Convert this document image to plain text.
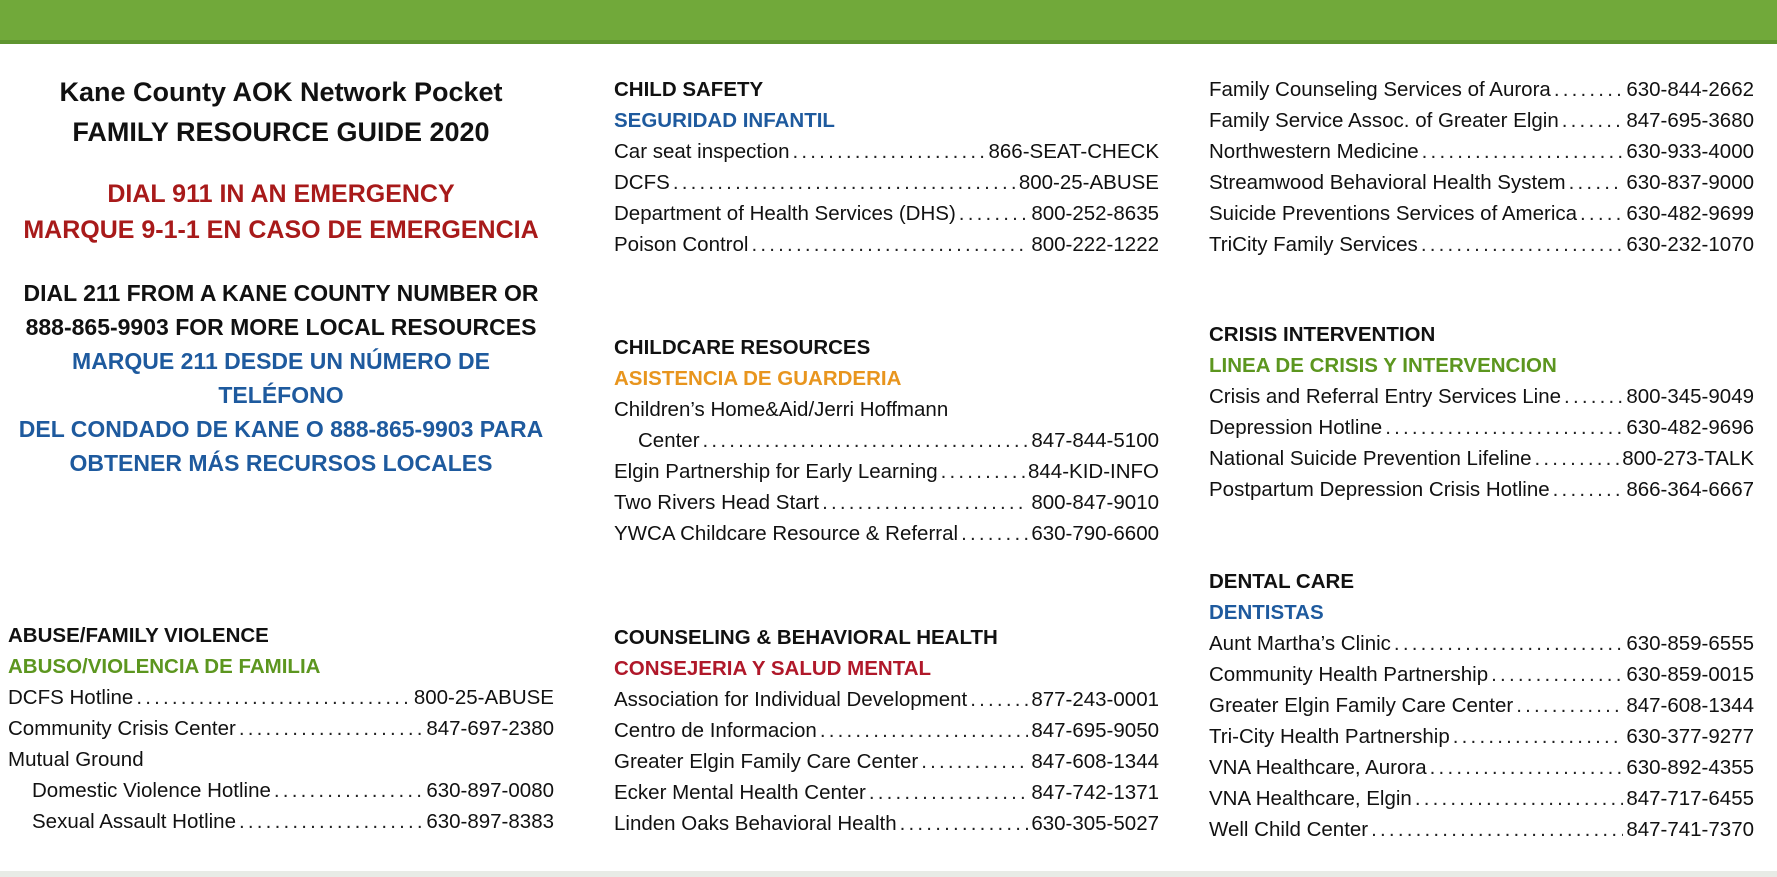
Kane County AOK Network Pocket
FAMILY RESOURCE GUIDE 2020
DIAL 911 IN AN EMERGENCY
MARQUE 9-1-1 EN CASO DE EMERGENCIA
DIAL 211 FROM A KANE COUNTY NUMBER OR
888-865-9903 FOR MORE LOCAL RESOURCES
MARQUE 211 DESDE UN NÚMERO DE TELÉFONO
DEL CONDADO DE KANE O 888-865-9903 PARA
OBTENER MÁS RECURSOS LOCALES
ABUSE/FAMILY VIOLENCE
ABUSO/VIOLENCIA DE FAMILIA
DCFS Hotline .....	800-25-ABUSE
Community Crisis Center .....	847-697-2380
Mutual Ground
Domestic Violence Hotline .....	630-897-0080
Sexual Assault Hotline .....	630-897-8383
CHILD SAFETY
SEGURIDAD INFANTIL
Car seat inspection .....	866-SEAT-CHECK
DCFS .....	800-25-ABUSE
Department of Health Services (DHS) .....	800-252-8635
Poison Control .....	800-222-1222
CHILDCARE RESOURCES
ASISTENCIA DE GUARDERIA
Children’s Home&Aid/Jerri Hoffmann
Center .....	847-844-5100
Elgin Partnership for Early Learning .....	844-KID-INFO
Two Rivers Head Start .....	800-847-9010
YWCA Childcare Resource & Referral .....	630-790-6600
COUNSELING & BEHAVIORAL HEALTH
CONSEJERIA Y SALUD MENTAL
Association for Individual Development .....	877-243-0001
Centro de Informacion .....	847-695-9050
Greater Elgin Family Care Center .....	847-608-1344
Ecker Mental Health Center .....	847-742-1371
Linden Oaks Behavioral Health .....	630-305-5027
Family Counseling Services of Aurora .....	630-844-2662
Family Service Assoc. of Greater Elgin .....	847-695-3680
Northwestern Medicine .....	630-933-4000
Streamwood Behavioral Health System .....	630-837-9000
Suicide Preventions Services of America ..... 630-482-9699
TriCity Family Services .....	630-232-1070
CRISIS INTERVENTION
LINEA DE CRISIS Y INTERVENCION
Crisis and Referral Entry Services Line .....	800-345-9049
Depression Hotline .....	630-482-9696
National Suicide Prevention Lifeline .....	800-273-TALK
Postpartum Depression Crisis Hotline .....	866-364-6667
DENTAL CARE
DENTISTAS
Aunt Martha’s Clinic .....	630-859-6555
Community Health Partnership .....	630-859-0015
Greater Elgin Family Care Center .....	847-608-1344
Tri-City Health Partnership .....	630-377-9277
VNA Healthcare, Aurora .....	630-892-4355
VNA Healthcare, Elgin .....	847-717-6455
Well Child Center .....	847-741-7370
